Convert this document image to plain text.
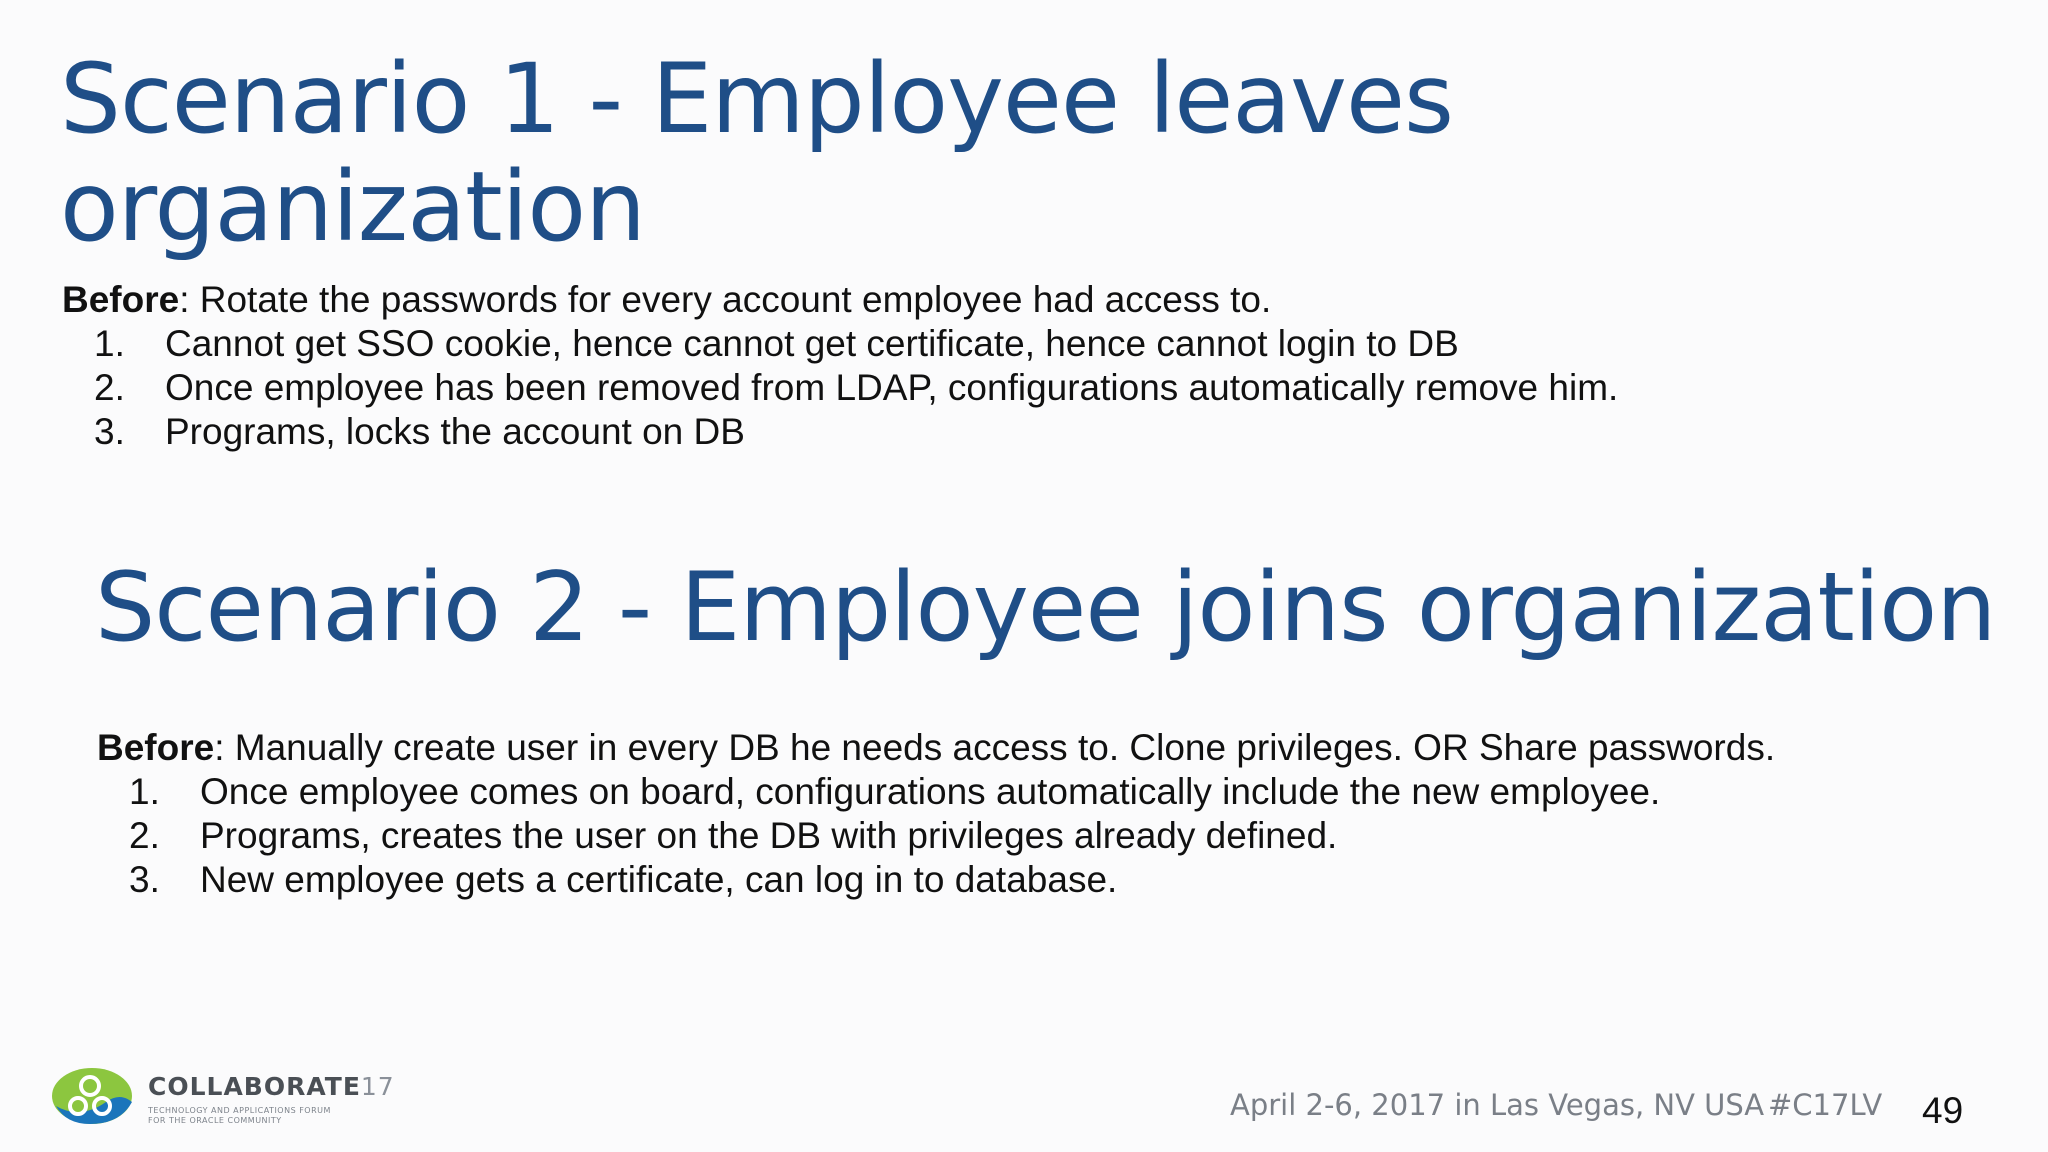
Scenario 1 - Employee leaves organization
Before: Rotate the passwords for every account employee had access to.
1. Cannot get SSO cookie, hence cannot get certificate, hence cannot login to DB
2. Once employee has been removed from LDAP, configurations automatically remove him.
3. Programs, locks the account on DB
Scenario 2 - Employee joins organization
Before: Manually create user in every DB he needs access to. Clone privileges. OR Share passwords.
1. Once employee comes on board, configurations automatically include the new employee.
2. Programs, creates the user on the DB with privileges already defined.
3. New employee gets a certificate, can log in to database.
COLLABORATE17
TECHNOLOGY AND APPLICATIONS FORUM
FOR THE ORACLE COMMUNITY	April 2-6, 2017 in Las Vegas, NV USA #C17LV 49
